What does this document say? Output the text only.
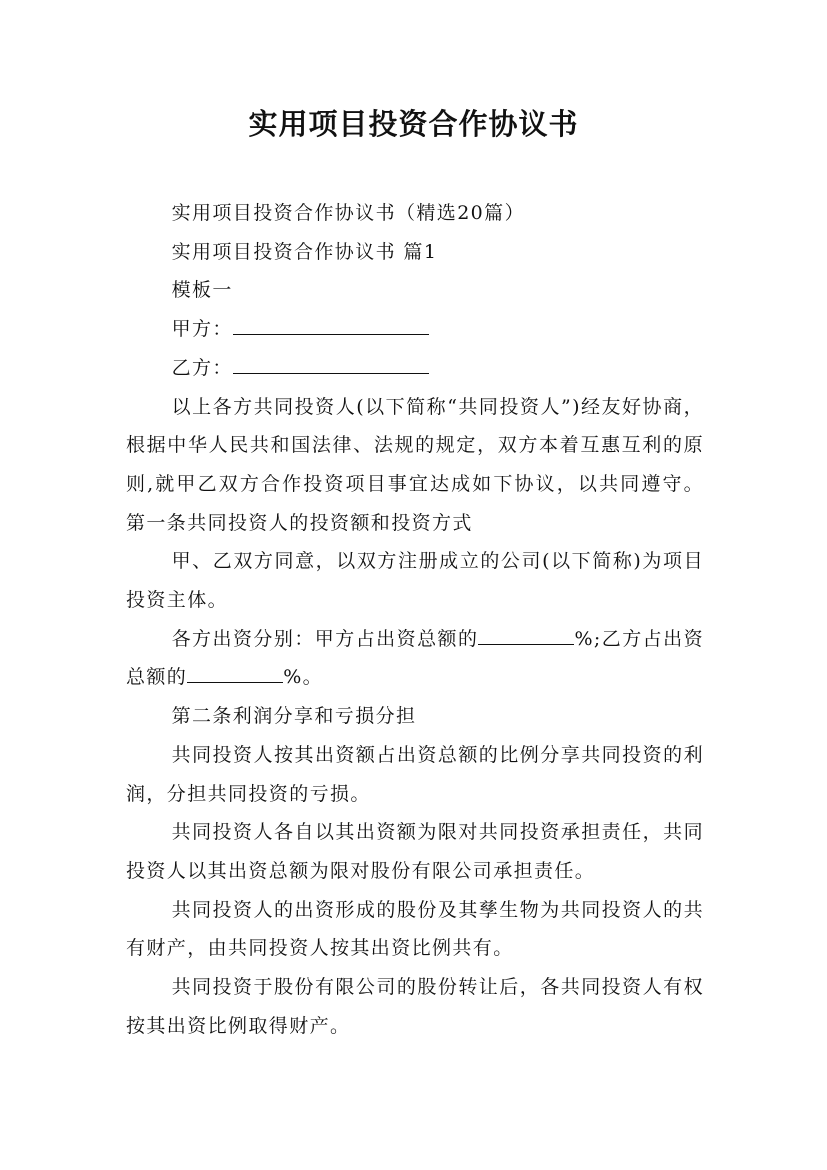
实用项目投资合作协议书

实用项目投资合作协议书（精选20篇）

实用项目投资合作协议书 篇1

模板一

甲方：

乙方：

以上各方共同投资人(以下简称“共同投资人”)经友好协商，根据中华人民共和国法律、法规的规定，双方本着互惠互利的原则,就甲乙双方合作投资项目事宜达成如下协议，以共同遵守。第一条共同投资人的投资额和投资方式

甲、乙双方同意，以双方注册成立的公司(以下简称)为项目投资主体。

各方出资分别：甲方占出资总额的	%;乙方占出资总额的	%。

第二条利润分享和亏损分担

共同投资人按其出资额占出资总额的比例分享共同投资的利润，分担共同投资的亏损。

共同投资人各自以其出资额为限对共同投资承担责任，共同投资人以其出资总额为限对股份有限公司承担责任。

共同投资人的出资形成的股份及其孳生物为共同投资人的共有财产，由共同投资人按其出资比例共有。

共同投资于股份有限公司的股份转让后，各共同投资人有权按其出资比例取得财产。
